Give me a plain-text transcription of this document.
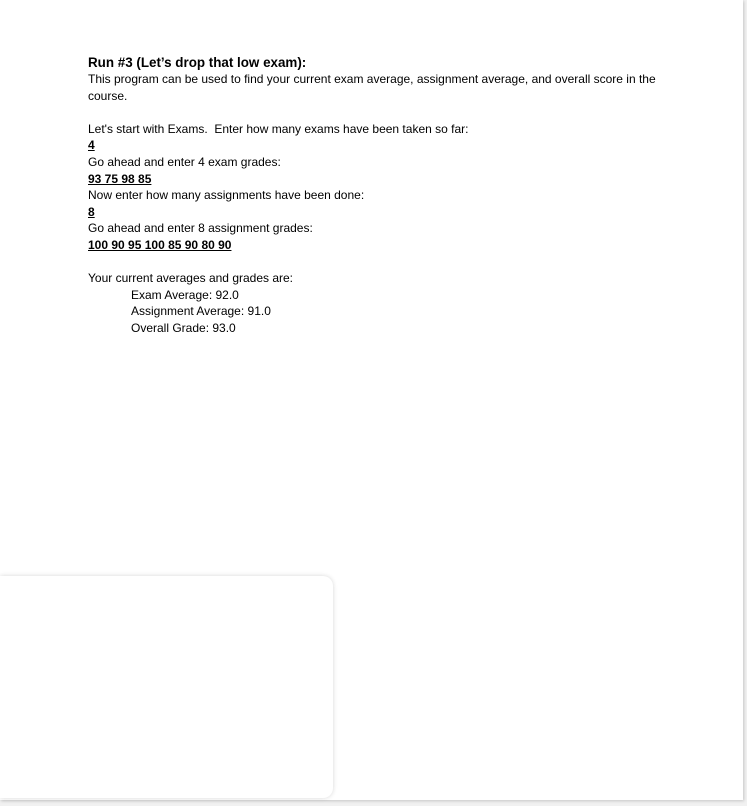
Run #3 (Let’s drop that low exam):

This program can be used to find your current exam average, assignment average, and overall score in the course.

Let's start with Exams.  Enter how many exams have been taken so far:

4

Go ahead and enter 4 exam grades:

93 75 98 85

Now enter how many assignments have been done:

8

Go ahead and enter 8 assignment grades:

100 90 95 100 85 90 80 90

Your current averages and grades are:

Exam Average: 92.0

Assignment Average: 91.0

Overall Grade: 93.0
